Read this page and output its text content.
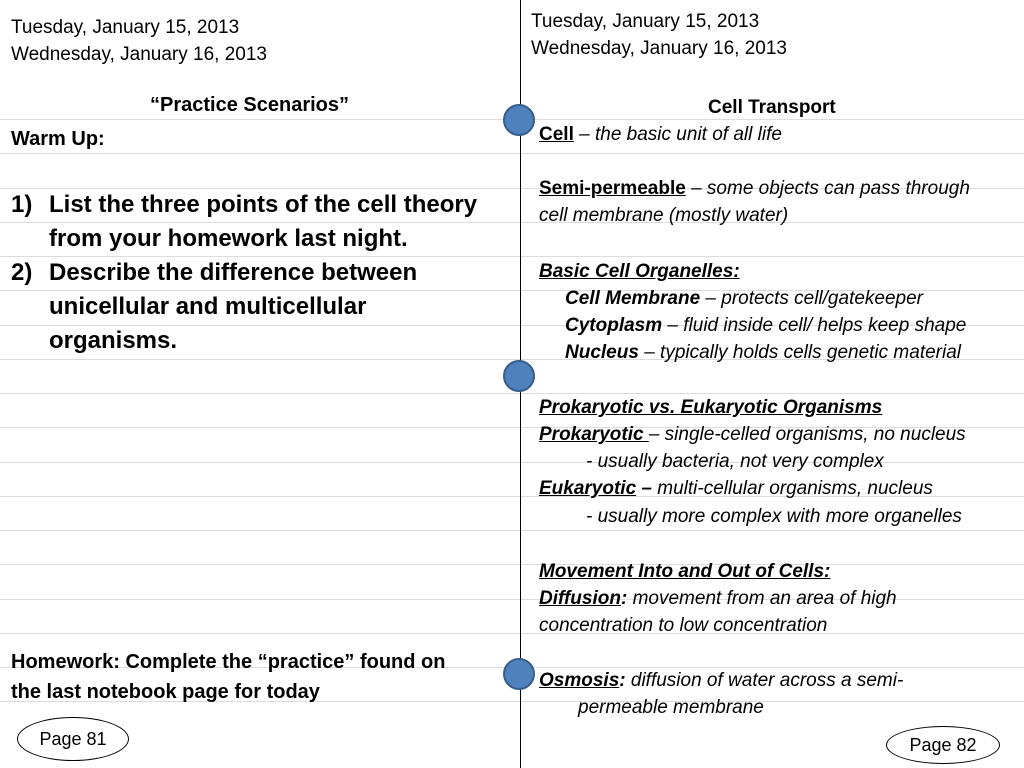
Tuesday, January 15, 2013
Wednesday, January 16, 2013
“Practice Scenarios”
Warm Up:
1) List the three points of the cell theory
from your homework last night.
2) Describe the difference between
unicellular and multicellular
organisms.
Homework: Complete the “practice” found on
the last notebook page for today
Page 81
Tuesday, January 15, 2013
Wednesday, January 16, 2013
Cell Transport
Cell – the basic unit of all life
Semi-permeable – some objects can pass through
cell membrane (mostly water)
Basic Cell Organelles:
Cell Membrane – protects cell/gatekeeper
Cytoplasm – fluid inside cell/ helps keep shape
Nucleus – typically holds cells genetic material
Prokaryotic vs. Eukaryotic Organisms
Prokaryotic – single-celled organisms, no nucleus
- usually bacteria, not very complex
Eukaryotic – multi-cellular organisms, nucleus
- usually more complex with more organelles
Movement Into and Out of Cells:
Diffusion: movement from an area of high
concentration to low concentration
Osmosis: diffusion of water across a semi-
permeable membrane
Page 82
